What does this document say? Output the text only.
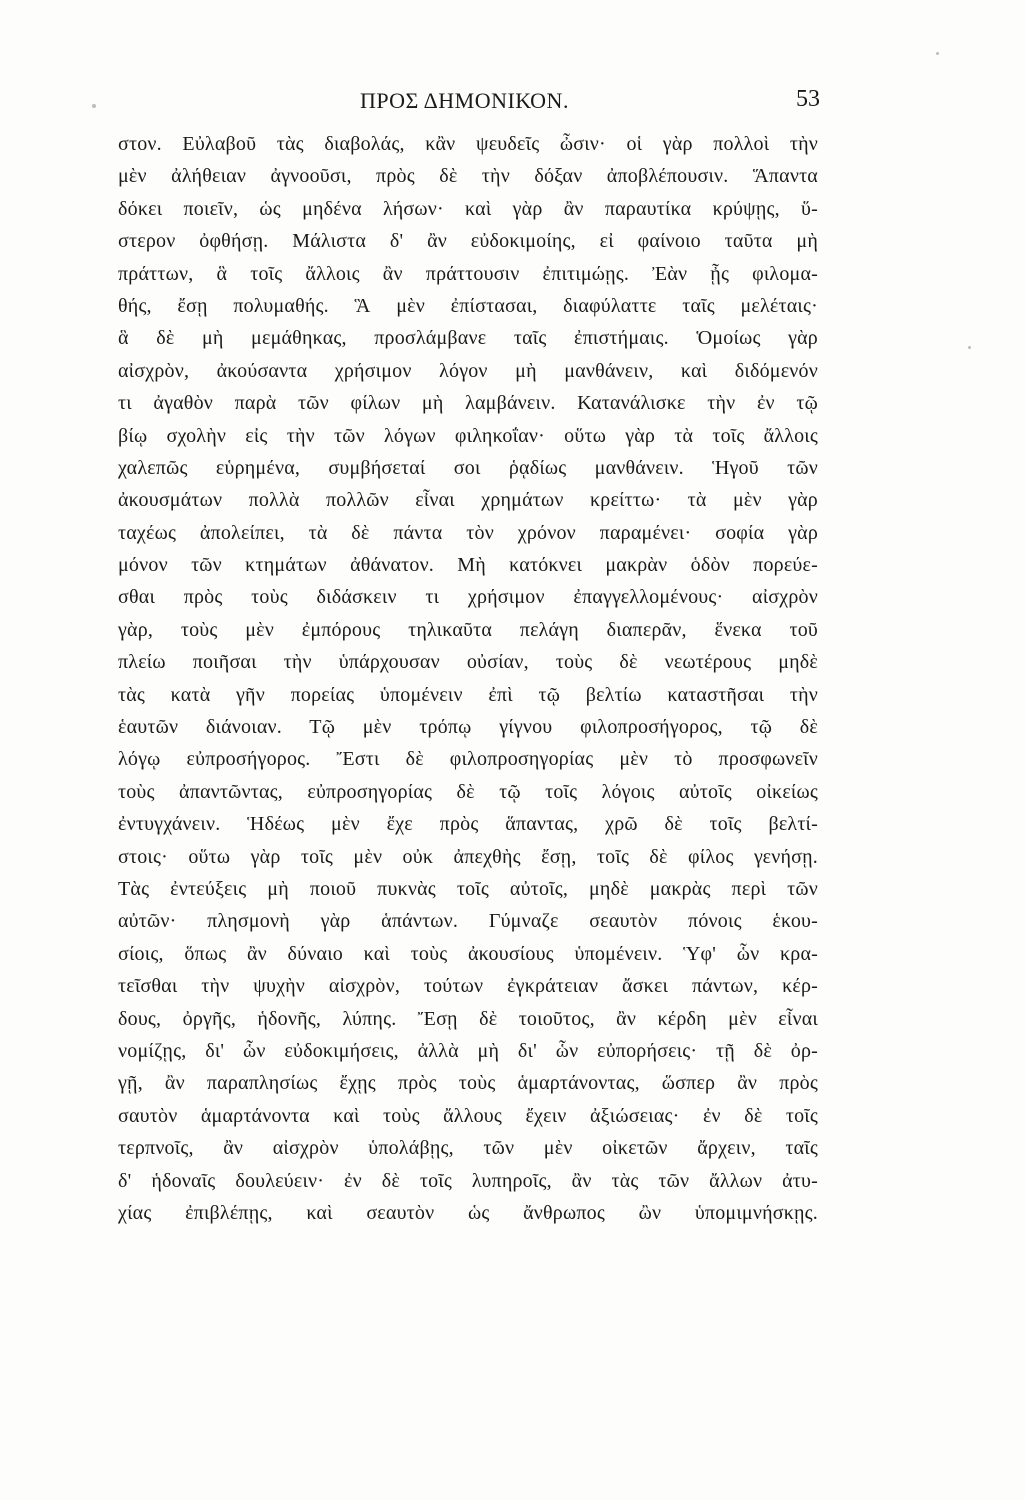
ΠΡΟΣ ΔΗΜΟΝΙΚΟΝ.	53
στον. Εὐλαβοῦ τὰς διαβολάς, κἂν ψευδεῖς ὦσιν· οἱ γὰρ πολλοὶ τὴν
μὲν ἀλήθειαν ἀγνοοῦσι, πρὸς δὲ τὴν δόξαν ἀποβλέπουσιν. Ἅπαντα
δόκει ποιεῖν, ὡς μηδένα λήσων· καὶ γὰρ ἂν παραυτίκα κρύψῃς, ὕ-
στερον ὀφθήσῃ. Μάλιστα δ' ἂν εὐδοκιμοίης, εἰ φαίνοιο ταῦτα μὴ
πράττων, ἃ τοῖς ἄλλοις ἂν πράττουσιν ἐπιτιμώῃς. Ἐὰν ᾖς φιλομα-
θής, ἔσῃ πολυμαθής. Ἃ μὲν ἐπίστασαι, διαφύλαττε ταῖς μελέταις·
ἃ δὲ μὴ μεμάθηκας, προσλάμβανε ταῖς ἐπιστήμαις. Ὁμοίως γὰρ
αἰσχρὸν, ἀκούσαντα χρήσιμον λόγον μὴ μανθάνειν, καὶ διδόμενόν
τι ἀγαθὸν παρὰ τῶν φίλων μὴ λαμβάνειν. Κατανάλισκε τὴν ἐν τῷ
βίῳ σχολὴν εἰς τὴν τῶν λόγων φιληκοΐαν· οὕτω γὰρ τὰ τοῖς ἄλλοις
χαλεπῶς εὑρημένα, συμβήσεταί σοι ῥᾳδίως μανθάνειν. Ἡγοῦ τῶν
ἀκουσμάτων πολλὰ πολλῶν εἶναι χρημάτων κρείττω· τὰ μὲν γὰρ
ταχέως ἀπολείπει, τὰ δὲ πάντα τὸν χρόνον παραμένει· σοφία γὰρ
μόνον τῶν κτημάτων ἀθάνατον. Μὴ κατόκνει μακρὰν ὁδὸν πορεύε-
σθαι πρὸς τοὺς διδάσκειν τι χρήσιμον ἐπαγγελλομένους· αἰσχρὸν
γὰρ, τοὺς μὲν ἐμπόρους τηλικαῦτα πελάγη διαπερᾶν, ἕνεκα τοῦ
πλείω ποιῆσαι τὴν ὑπάρχουσαν οὐσίαν, τοὺς δὲ νεωτέρους μηδὲ
τὰς κατὰ γῆν πορείας ὑπομένειν ἐπὶ τῷ βελτίω καταστῆσαι τὴν
ἑαυτῶν διάνοιαν. Τῷ μὲν τρόπῳ γίγνου φιλοπροσήγορος, τῷ δὲ
λόγῳ εὐπροσήγορος. Ἔστι δὲ φιλοπροσηγορίας μὲν τὸ προσφωνεῖν
τοὺς ἀπαντῶντας, εὐπροσηγορίας δὲ τῷ τοῖς λόγοις αὐτοῖς οἰκείως
ἐντυγχάνειν. Ἡδέως μὲν ἔχε πρὸς ἅπαντας, χρῶ δὲ τοῖς βελτί-
στοις· οὕτω γὰρ τοῖς μὲν οὐκ ἀπεχθὴς ἔσῃ, τοῖς δὲ φίλος γενήσῃ.
Τὰς ἐντεύξεις μὴ ποιοῦ πυκνὰς τοῖς αὐτοῖς, μηδὲ μακρὰς περὶ τῶν
αὐτῶν· πλησμονὴ γὰρ ἁπάντων. Γύμναζε σεαυτὸν πόνοις ἑκου-
σίοις, ὅπως ἂν δύναιο καὶ τοὺς ἀκουσίους ὑπομένειν. Ὑφ' ὧν κρα-
τεῖσθαι τὴν ψυχὴν αἰσχρὸν, τούτων ἐγκράτειαν ἄσκει πάντων, κέρ-
δους, ὀργῆς, ἡδονῆς, λύπης. Ἔσῃ δὲ τοιοῦτος, ἂν κέρδη μὲν εἶναι
νομίζῃς, δι' ὧν εὐδοκιμήσεις, ἀλλὰ μὴ δι' ὧν εὐπορήσεις· τῇ δὲ ὀρ-
γῇ, ἂν παραπλησίως ἔχῃς πρὸς τοὺς ἁμαρτάνοντας, ὥσπερ ἂν πρὸς
σαυτὸν ἁμαρτάνοντα καὶ τοὺς ἄλλους ἔχειν ἀξιώσειας· ἐν δὲ τοῖς
τερπνοῖς, ἂν αἰσχρὸν ὑπολάβῃς, τῶν μὲν οἰκετῶν ἄρχειν, ταῖς
δ' ἡδοναῖς δουλεύειν· ἐν δὲ τοῖς λυπηροῖς, ἂν τὰς τῶν ἄλλων ἀτυ-
χίας ἐπιβλέπῃς, καὶ σεαυτὸν ὡς ἄνθρωπος ὢν ὑπομιμνήσκῃς.
